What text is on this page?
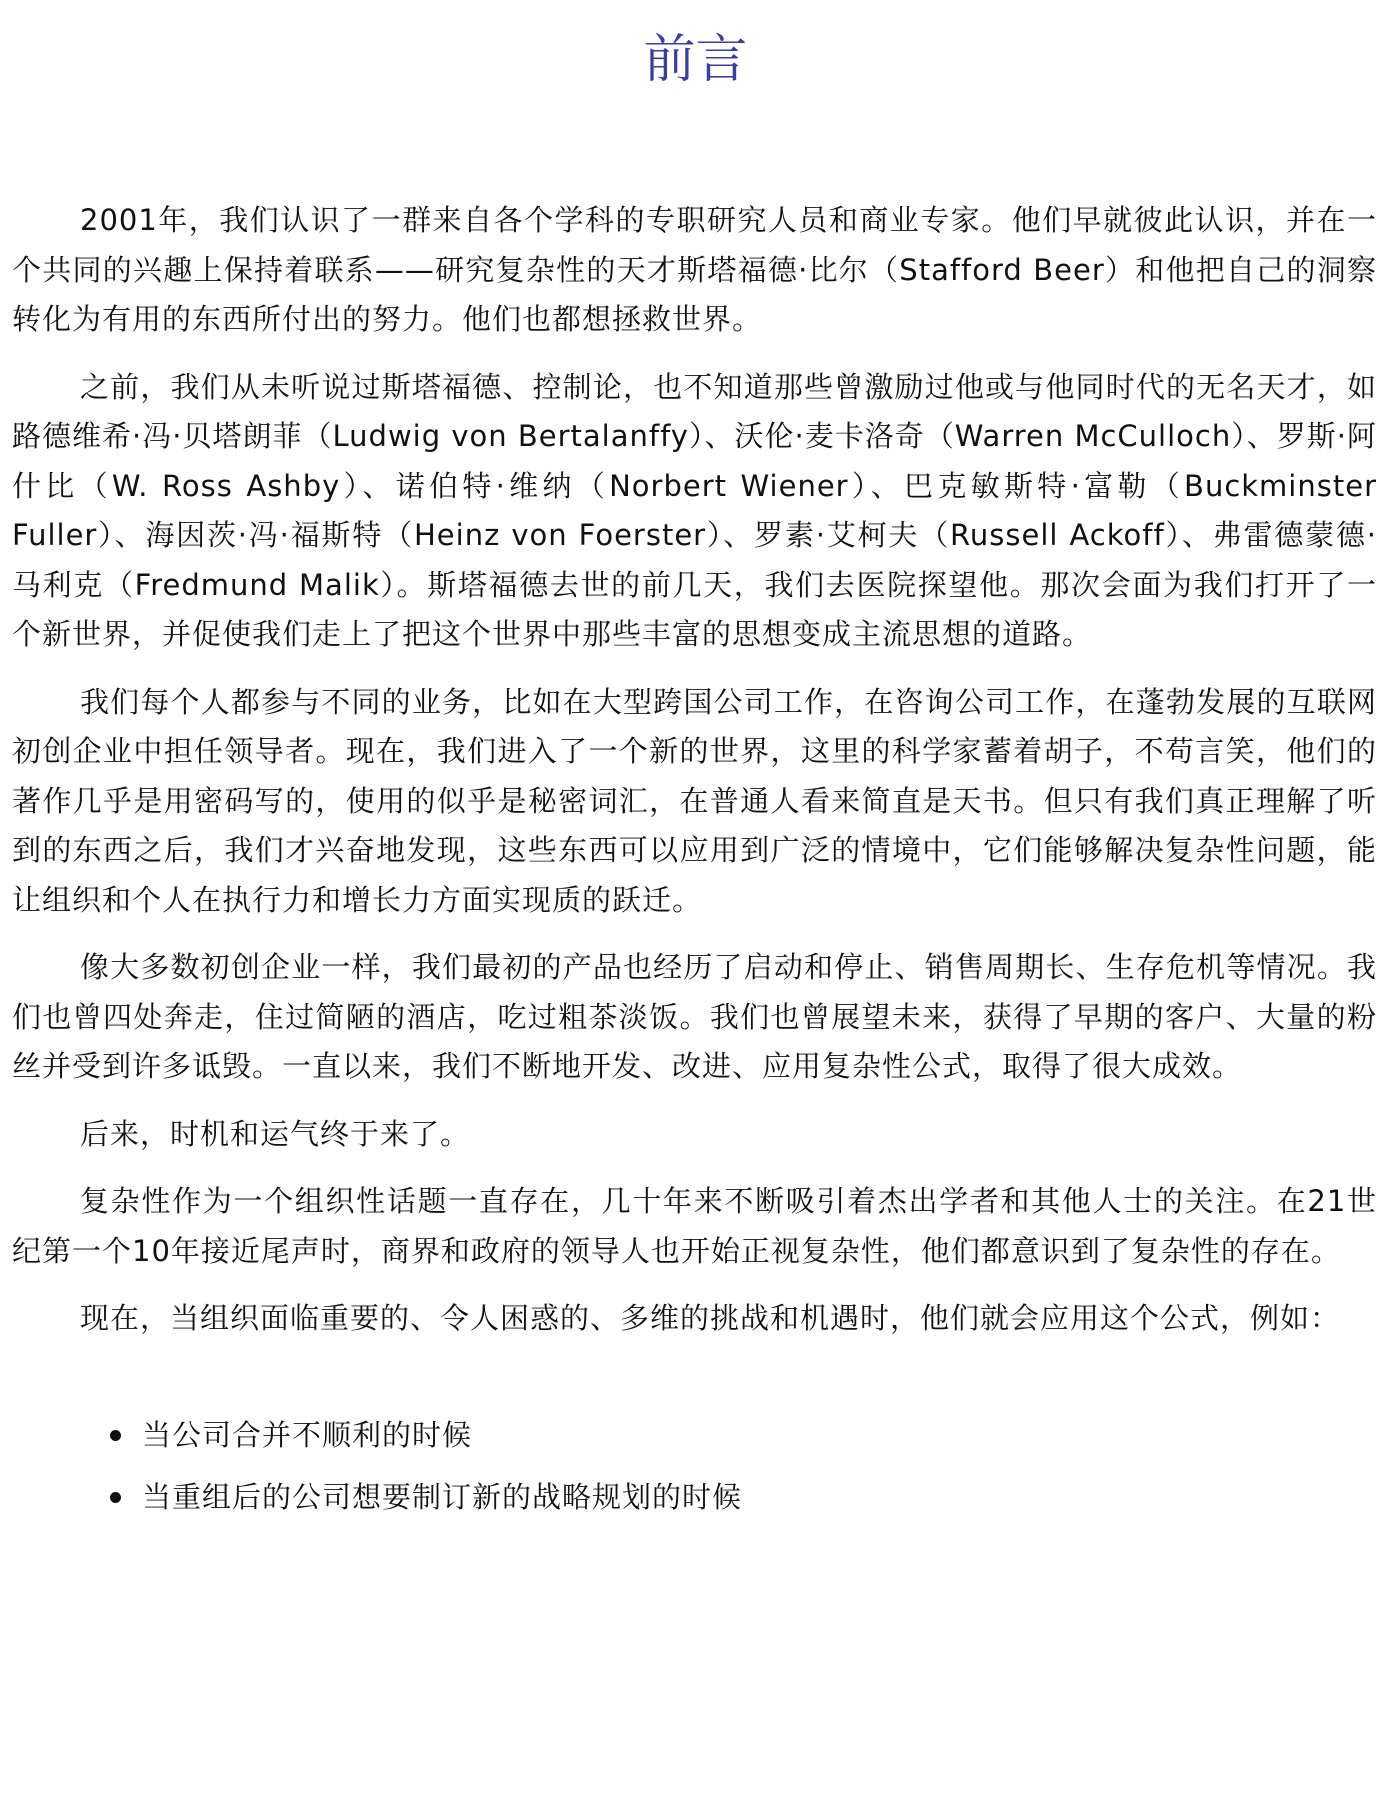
前言

2001年，我们认识了一群来自各个学科的专职研究人员和商业专家。他们早就彼此认识，并在一个共同的兴趣上保持着联系——研究复杂性的天才斯塔福德·比尔（Stafford Beer）和他把自己的洞察转化为有用的东西所付出的努力。他们也都想拯救世界。

之前，我们从未听说过斯塔福德、控制论，也不知道那些曾激励过他或与他同时代的无名天才，如路德维希·冯·贝塔朗菲（Ludwig von Bertalanffy）、沃伦·麦卡洛奇（Warren McCulloch）、罗斯·阿什比（W. Ross Ashby）、诺伯特·维纳（Norbert Wiener）、巴克敏斯特·富勒（Buckminster Fuller）、海因茨·冯·福斯特（Heinz von Foerster）、罗素·艾柯夫（Russell Ackoff）、弗雷德蒙德·马利克（Fredmund Malik）。斯塔福德去世的前几天，我们去医院探望他。那次会面为我们打开了一个新世界，并促使我们走上了把这个世界中那些丰富的思想变成主流思想的道路。

我们每个人都参与不同的业务，比如在大型跨国公司工作，在咨询公司工作，在蓬勃发展的互联网初创企业中担任领导者。现在，我们进入了一个新的世界，这里的科学家蓄着胡子，不苟言笑，他们的著作几乎是用密码写的，使用的似乎是秘密词汇，在普通人看来简直是天书。但只有我们真正理解了听到的东西之后，我们才兴奋地发现，这些东西可以应用到广泛的情境中，它们能够解决复杂性问题，能让组织和个人在执行力和增长力方面实现质的跃迁。

像大多数初创企业一样，我们最初的产品也经历了启动和停止、销售周期长、生存危机等情况。我们也曾四处奔走，住过简陋的酒店，吃过粗茶淡饭。我们也曾展望未来，获得了早期的客户、大量的粉丝并受到许多诋毁。一直以来，我们不断地开发、改进、应用复杂性公式，取得了很大成效。

后来，时机和运气终于来了。

复杂性作为一个组织性话题一直存在，几十年来不断吸引着杰出学者和其他人士的关注。在21世纪第一个10年接近尾声时，商界和政府的领导人也开始正视复杂性，他们都意识到了复杂性的存在。

现在，当组织面临重要的、令人困惑的、多维的挑战和机遇时，他们就会应用这个公式，例如：

当公司合并不顺利的时候
当重组后的公司想要制订新的战略规划的时候
